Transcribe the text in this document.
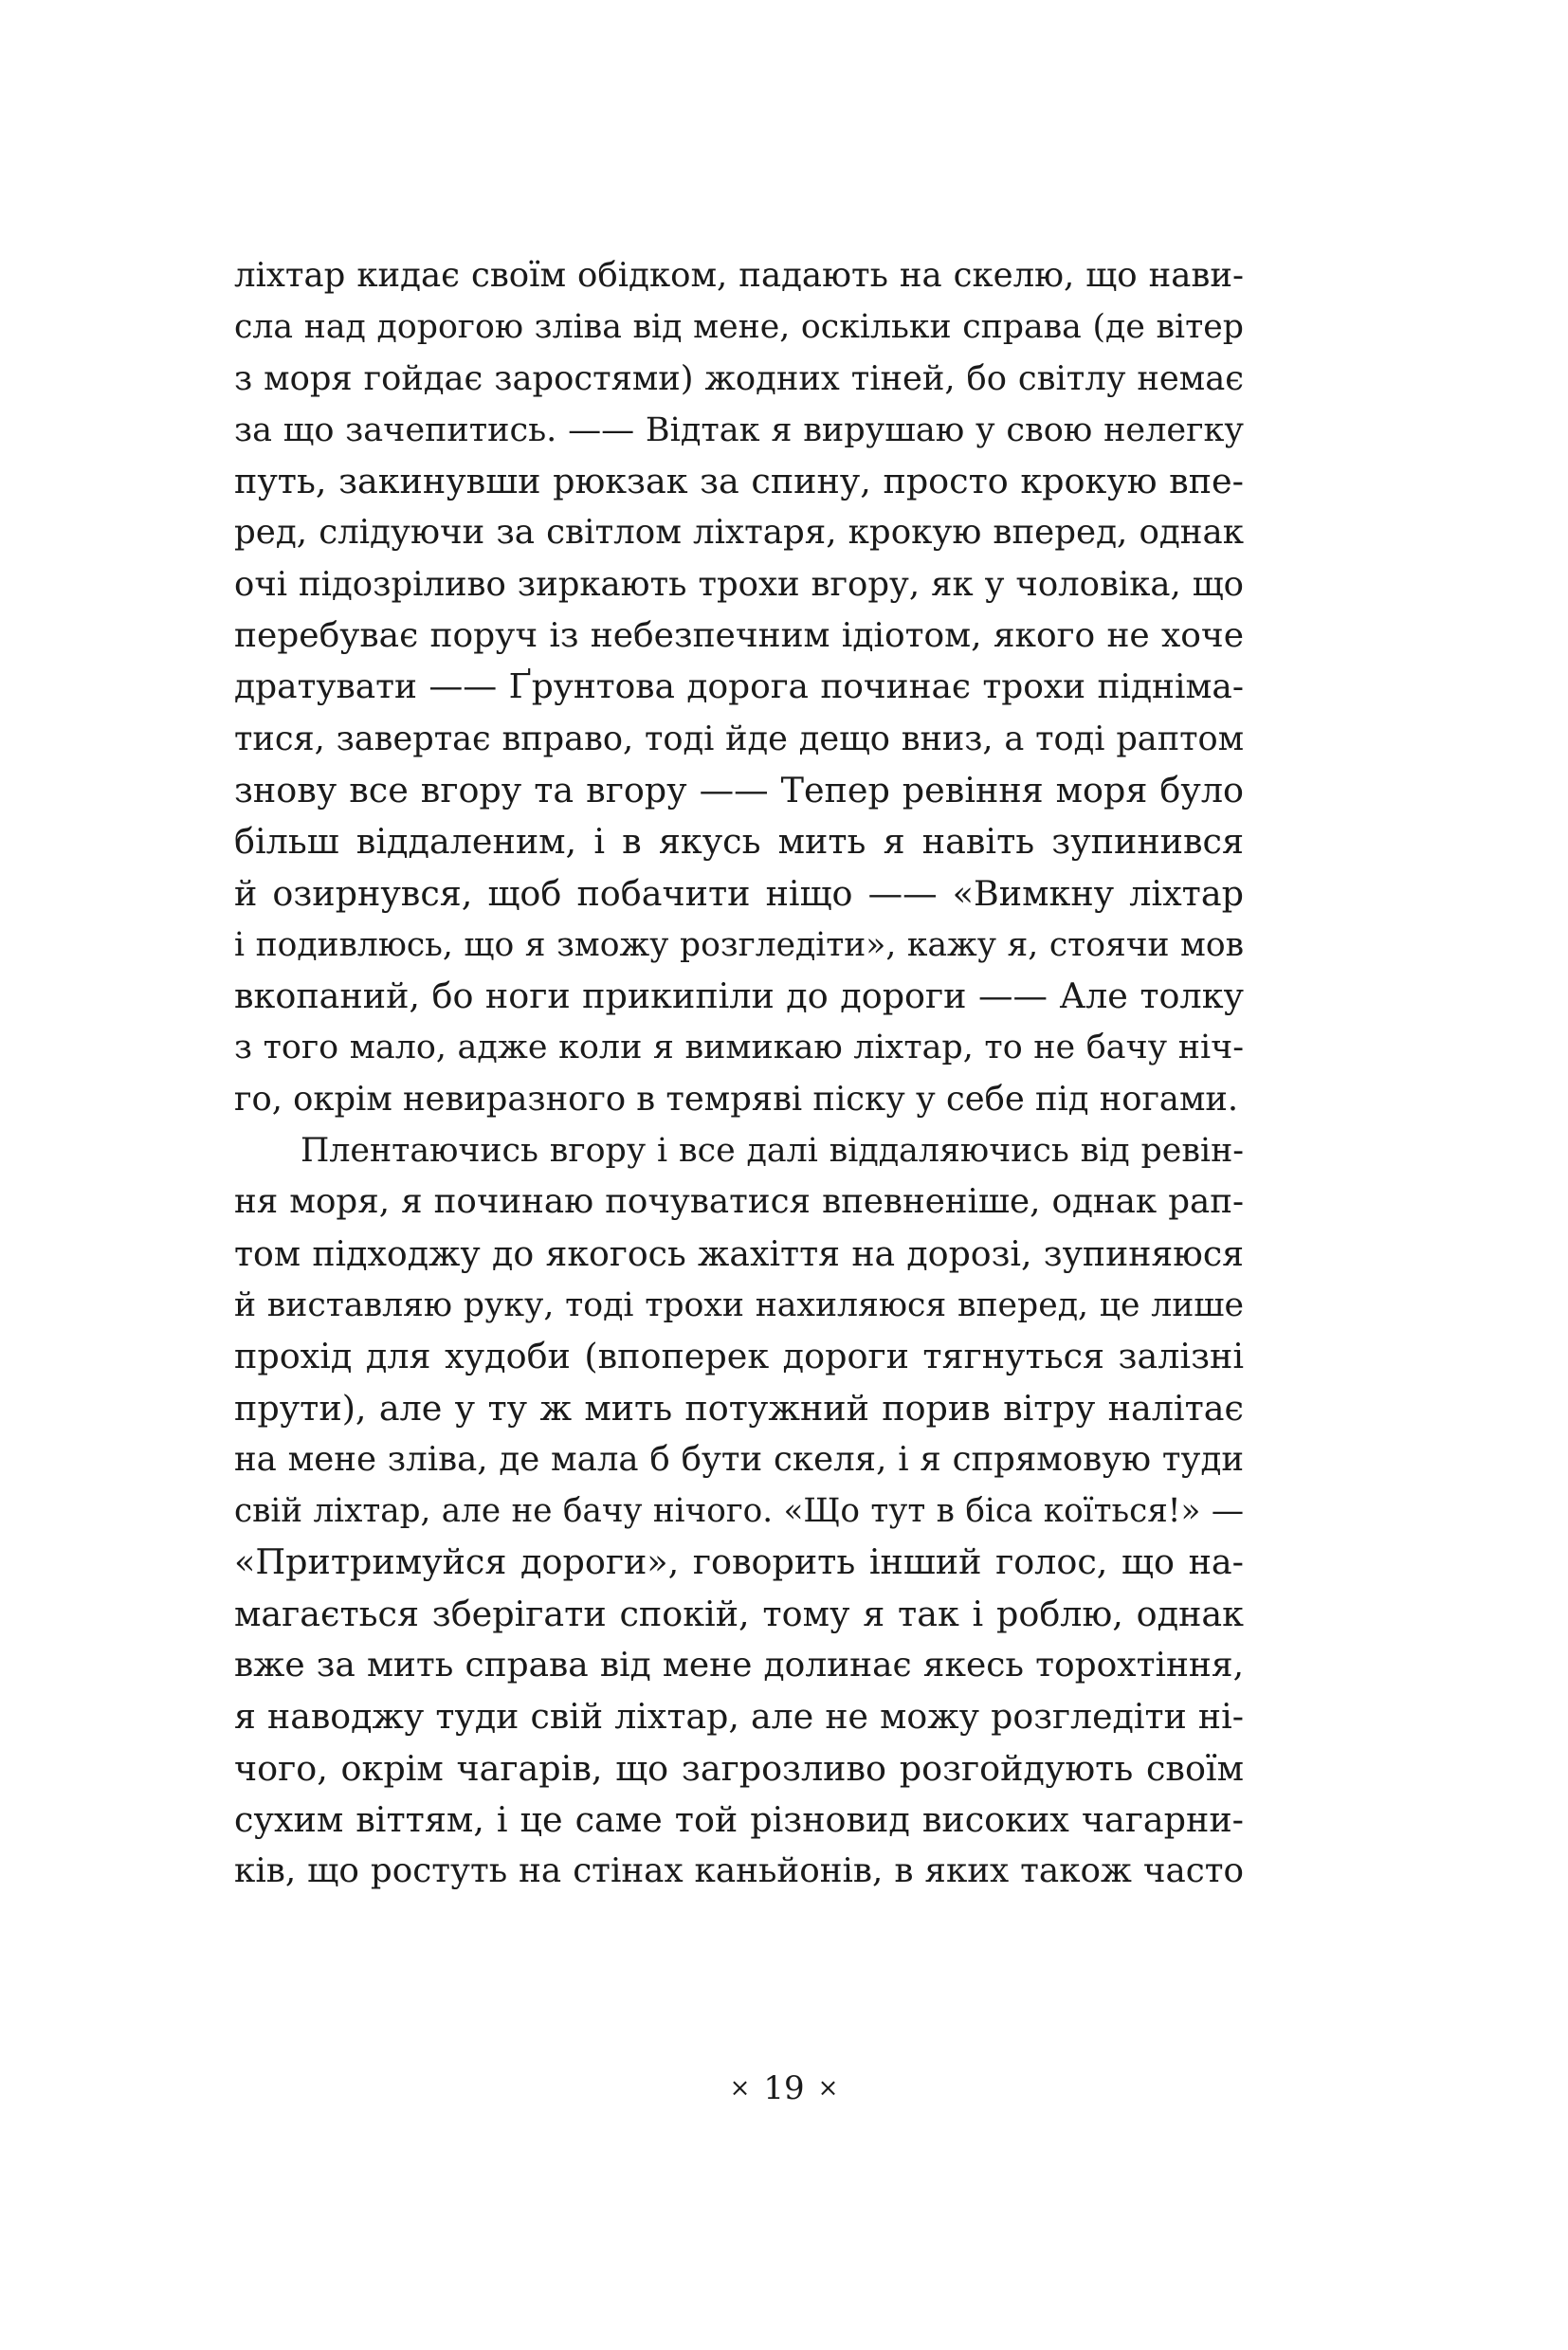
ліхтар кидає своїм обідком, падають на скелю, що нави-
сла над дорогою зліва від мене, оскільки справа (де вітер
з моря гойдає заростями) жодних тіней, бо світлу немає
за що зачепитись. —— Відтак я вирушаю у свою нелегку
путь, закинувши рюкзак за спину, просто крокую впе-
ред, слідуючи за світлом ліхтаря, крокую вперед, однак
очі підозріливо зиркають трохи вгору, як у чоловіка, що
перебуває поруч із небезпечним ідіотом, якого не хоче
дратувати —— Ґрунтова дорога починає трохи підніма-
тися, завертає вправо, тоді йде дещо вниз, а тоді раптом
знову все вгору та вгору —— Тепер ревіння моря було
більш віддаленим, і в якусь мить я навіть зупинився
й озирнувся, щоб побачити ніщо —— «Вимкну ліхтар
і подивлюсь, що я зможу розгледіти», кажу я, стоячи мов
вкопаний, бо ноги прикипіли до дороги —— Але толку
з того мало, адже коли я вимикаю ліхтар, то не бачу ніч-
го, окрім невиразного в темряві піску у себе під ногами.
Плентаючись вгору і все далі віддаляючись від ревін-
ня моря, я починаю почуватися впевненіше, однак рап-
том підходжу до якогось жахіття на дорозі, зупиняюся
й виставляю руку, тоді трохи нахиляюся вперед, це лише
прохід для худоби (впоперек дороги тягнуться залізні
прути), але у ту ж мить потужний порив вітру налітає
на мене зліва, де мала б бути скеля, і я спрямовую туди
свій ліхтар, але не бачу нічого. «Що тут в біса коїться!» —
«Притримуйся дороги», говорить інший голос, що на-
магається зберігати спокій, тому я так і роблю, однак
вже за мить справа від мене долинає якесь торохтіння,
я наводжу туди свій ліхтар, але не можу розгледіти ні-
чого, окрім чагарів, що загрозливо розгойдують своїм
сухим віттям, і це саме той різновид високих чагарни-
ків, що ростуть на стінах каньйонів, в яких також часто
× 19 ×
